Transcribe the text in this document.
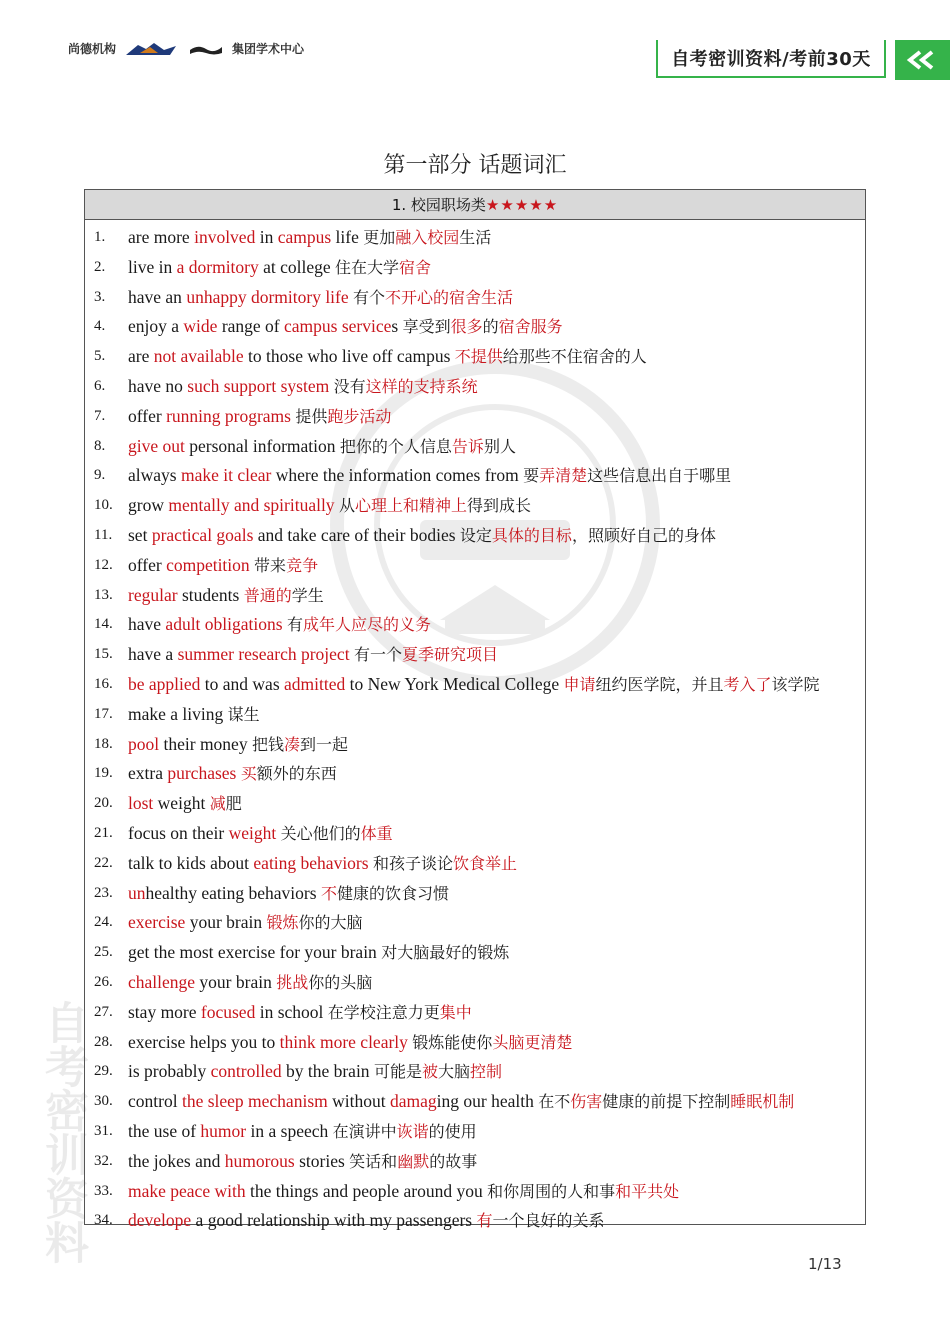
尚德机构	集团学术中心	自考密训资料/考前30天
自考密训资料
第一部分 话题词汇
1. 校园职场类 ★★★★★
1. are more involved in campus life 更加融入校园生活
2. live in a dormitory at college 住在大学宿舍
3. have an unhappy dormitory life 有个不开心的宿舍生活
4. enjoy a wide range of campus services 享受到很多的宿舍服务
5. are not available to those who live off campus 不提供给那些不住宿舍的人
6. have no such support system 没有这样的支持系统
7. offer running programs 提供跑步活动
8. give out personal information 把你的个人信息告诉别人
9. always make it clear where the information comes from 要弄清楚这些信息出自于哪里
10. grow mentally and spiritually 从心理上和精神上得到成长
11. set practical goals and take care of their bodies 设定具体的目标，照顾好自己的身体
12. offer competition 带来竞争
13. regular students 普通的学生
14. have adult obligations 有成年人应尽的义务
15. have a summer research project 有一个夏季研究项目
16. be applied to and was admitted to New York Medical College 申请纽约医学院，并且考入了该学院
17. make a living 谋生
18. pool their money 把钱凑到一起
19. extra purchases 买额外的东西
20. lost weight 减肥
21. focus on their weight 关心他们的体重
22. talk to kids about eating behaviors 和孩子谈论饮食举止
23. unhealthy eating behaviors 不健康的饮食习惯
24. exercise your brain 锻炼你的大脑
25. get the most exercise for your brain 对大脑最好的锻炼
26. challenge your brain 挑战你的头脑
27. stay more focused in school 在学校注意力更集中
28. exercise helps you to think more clearly 锻炼能使你头脑更清楚
29. is probably controlled by the brain 可能是被大脑控制
30. control the sleep mechanism without damaging our health 在不伤害健康的前提下控制睡眠机制
31. the use of humor in a speech 在演讲中诙谐的使用
32. the jokes and humorous stories 笑话和幽默的故事
33. make peace with the things and people around you 和你周围的人和事和平共处
34. develope a good relationship with my passengers 有一个良好的关系
1/13
